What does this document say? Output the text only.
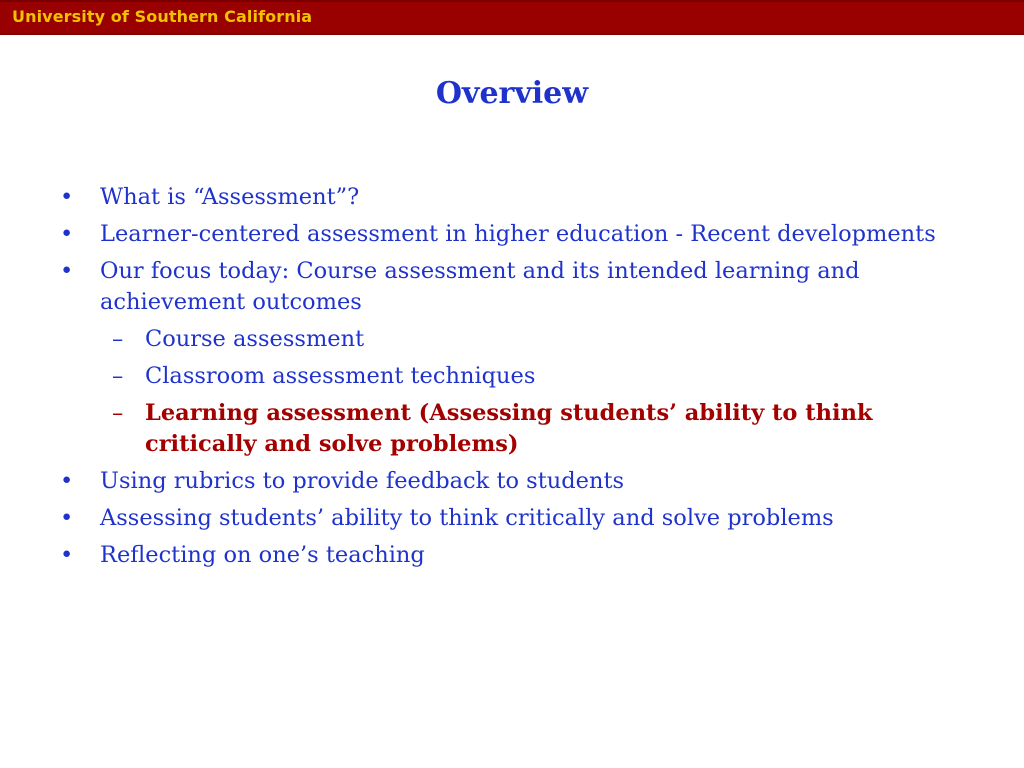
University of Southern California
Overview
• What is “Assessment”?
• Learner-centered assessment in higher education - Recent developments
• Our focus today: Course assessment and its intended learning and achievement outcomes
– Course assessment
– Classroom assessment techniques
– Learning assessment (Assessing students’ ability to think critically and solve problems)
• Using rubrics to provide feedback to students
• Assessing students’ ability to think critically and solve problems
• Reflecting on one’s teaching
